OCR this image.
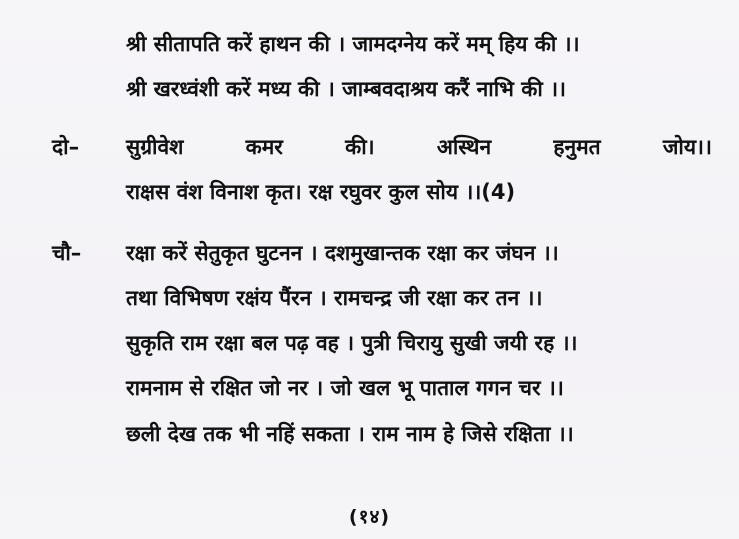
श्री सीतापति करें हाथन की । जामदग्नेय करें मम् हिय की ।।
श्री खरध्वंशी करें मध्य की । जाम्बवदाश्रय करैं नाभि की ।।
दो– सुग्रीवेश	कमर	की।	अस्थिन	हनुमत	जोय।।
राक्षस वंश विनाश कृत। रक्ष रघुवर कुल सोय ।।(4)
चौ– रक्षा करें सेतुकृत घुटनन । दशमुखान्तक रक्षा कर जंघन ।।
तथा विभिषण रक्षंय पैंरन । रामचन्द्र जी रक्षा कर तन ।।
सुकृति राम रक्षा बल पढ़ वह । पुत्री चिरायु सुखी जयी रह ।।
रामनाम से रक्षित जो नर । जो खल भू पाताल गगन चर ।।
छली देख तक भी नहिं सकता । राम नाम हे जिसे रक्षिता ।।
(१४)
